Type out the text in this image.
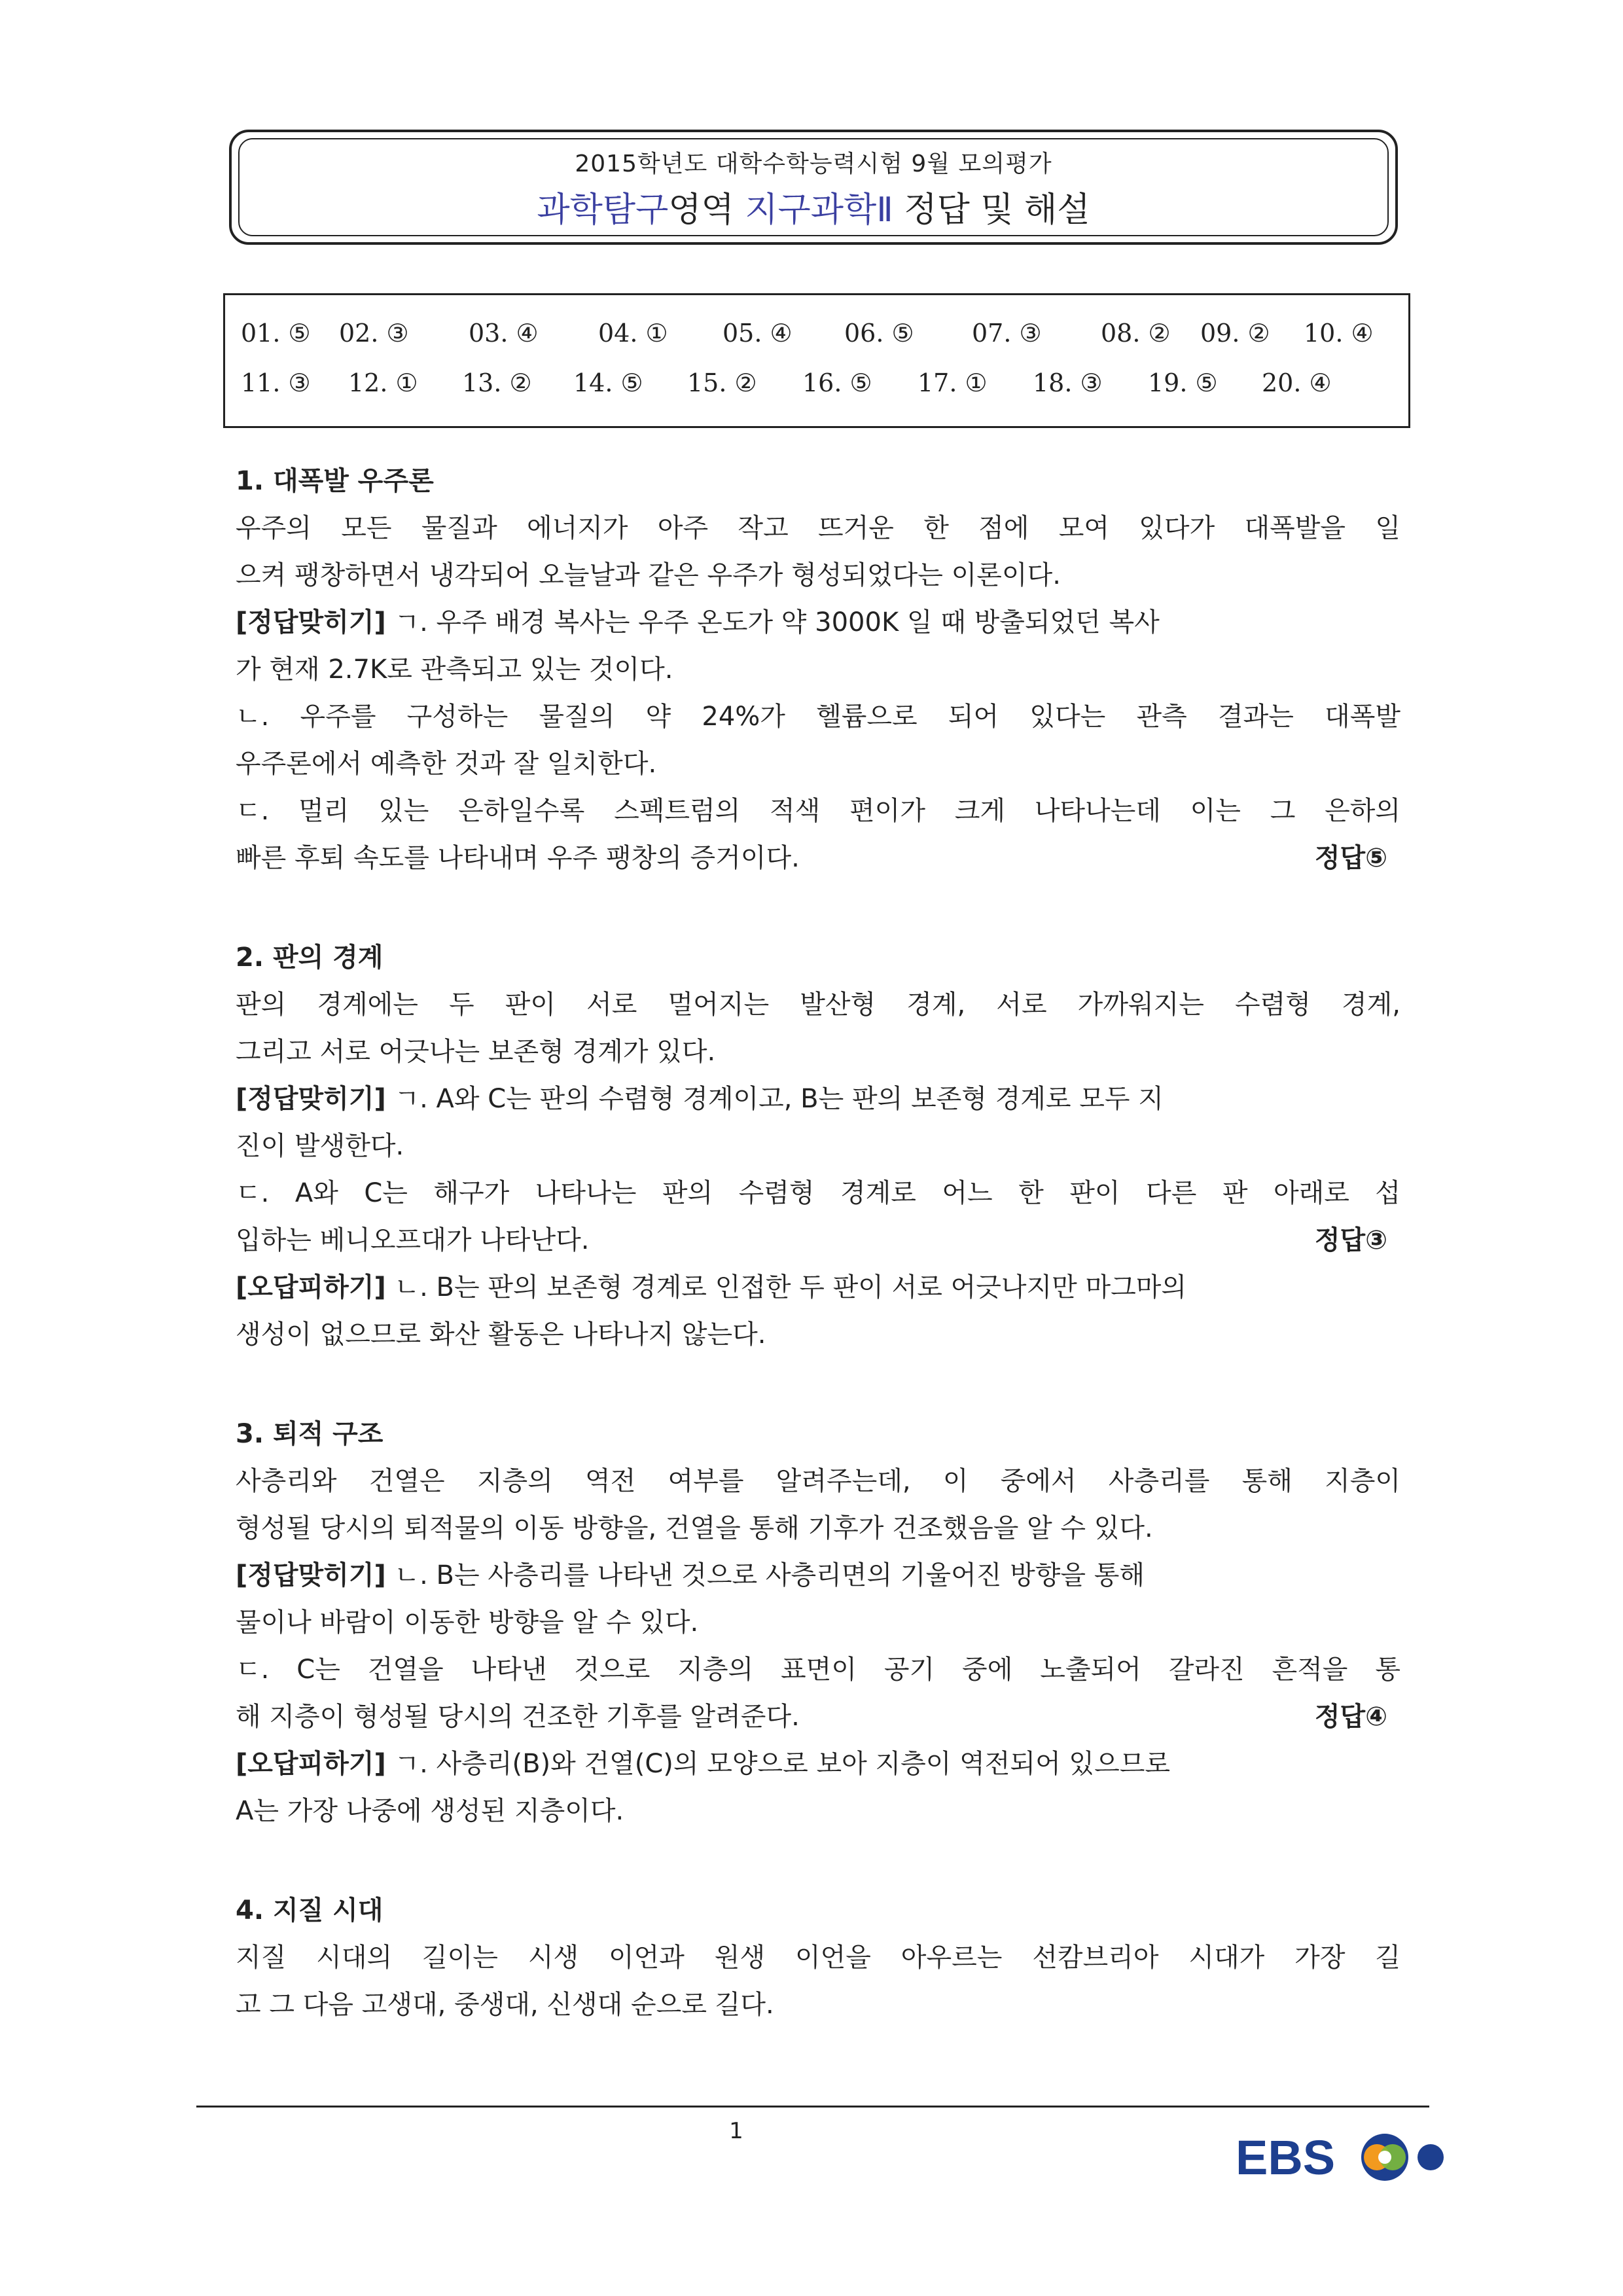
2015학년도 대학수학능력시험 9월 모의평가
과학탐구영역 지구과학Ⅱ 정답 및 해설
01. ⑤ 02. ③ 03. ④ 04. ① 05. ④ 06. ⑤ 07. ③ 08. ② 09. ② 10. ④
11. ③ 12. ① 13. ② 14. ⑤ 15. ② 16. ⑤ 17. ① 18. ③ 19. ⑤ 20. ④
1. 대폭발 우주론
우주의 모든 물질과 에너지가 아주 작고 뜨거운 한 점에 모여 있다가 대폭발을 일
으켜 팽창하면서 냉각되어 오늘날과 같은 우주가 형성되었다는 이론이다.
[정답맞히기] ㄱ. 우주 배경 복사는 우주 온도가 약 3000K 일 때 방출되었던 복사
가 현재 2.7K로 관측되고 있는 것이다.
ㄴ. 우주를 구성하는 물질의 약 24%가 헬륨으로 되어 있다는 관측 결과는 대폭발
우주론에서 예측한 것과 잘 일치한다.
ㄷ. 멀리 있는 은하일수록 스펙트럼의 적색 편이가 크게 나타나는데 이는 그 은하의
빠른 후퇴 속도를 나타내며 우주 팽창의 증거이다.	정답⑤
2. 판의 경계
판의 경계에는 두 판이 서로 멀어지는 발산형 경계, 서로 가까워지는 수렴형 경계,
그리고 서로 어긋나는 보존형 경계가 있다.
[정답맞히기] ㄱ. A와 C는 판의 수렴형 경계이고, B는 판의 보존형 경계로 모두 지
진이 발생한다.
ㄷ. A와 C는 해구가 나타나는 판의 수렴형 경계로 어느 한 판이 다른 판 아래로 섭
입하는 베니오프대가 나타난다.	정답③
[오답피하기] ㄴ. B는 판의 보존형 경계로 인접한 두 판이 서로 어긋나지만 마그마의
생성이 없으므로 화산 활동은 나타나지 않는다.
3. 퇴적 구조
사층리와 건열은 지층의 역전 여부를 알려주는데, 이 중에서 사층리를 통해 지층이
형성될 당시의 퇴적물의 이동 방향을, 건열을 통해 기후가 건조했음을 알 수 있다.
[정답맞히기] ㄴ. B는 사층리를 나타낸 것으로 사층리면의 기울어진 방향을 통해
물이나 바람이 이동한 방향을 알 수 있다.
ㄷ. C는 건열을 나타낸 것으로 지층의 표면이 공기 중에 노출되어 갈라진 흔적을 통
해 지층이 형성될 당시의 건조한 기후를 알려준다.	정답④
[오답피하기] ㄱ. 사층리(B)와 건열(C)의 모양으로 보아 지층이 역전되어 있으므로
A는 가장 나중에 생성된 지층이다.
4. 지질 시대
지질 시대의 길이는 시생 이언과 원생 이언을 아우르는 선캄브리아 시대가 가장 길
고 그 다음 고생대, 중생대, 신생대 순으로 길다.
1	EBS
